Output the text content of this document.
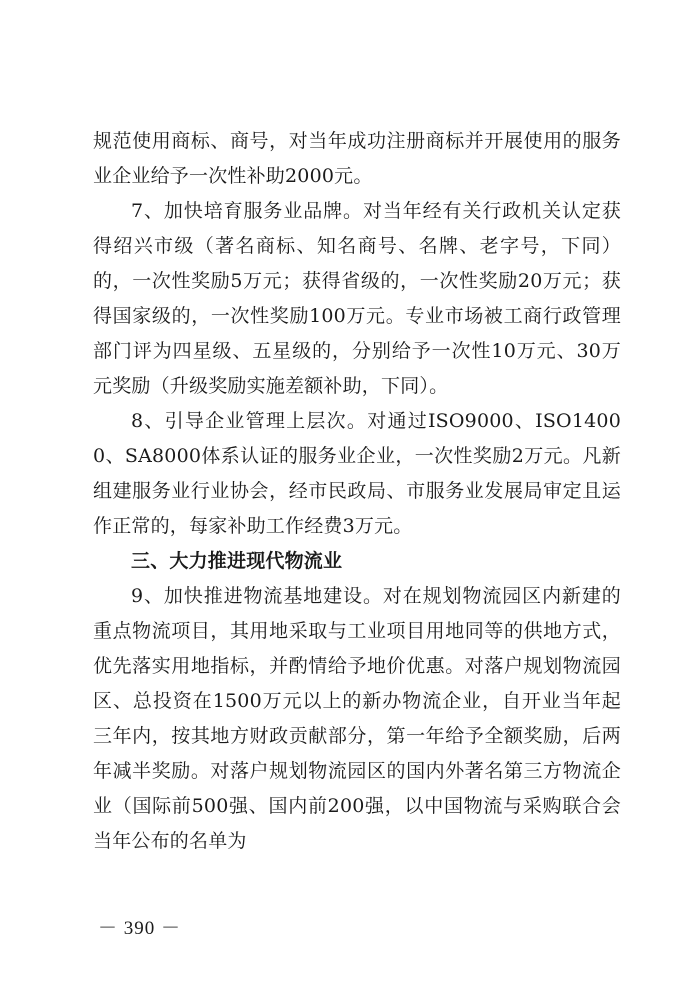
规范使用商标、商号，对当年成功注册商标并开展使用的服务业企业给予一次性补助2000元。

7、加快培育服务业品牌。对当年经有关行政机关认定获得绍兴市级（著名商标、知名商号、名牌、老字号，下同）的，一次性奖励5万元；获得省级的，一次性奖励20万元；获得国家级的，一次性奖励100万元。专业市场被工商行政管理部门评为四星级、五星级的，分别给予一次性10万元、30万元奖励（升级奖励实施差额补助，下同）。

8、引导企业管理上层次。对通过ISO9000、ISO14000、SA8000体系认证的服务业企业，一次性奖励2万元。凡新组建服务业行业协会，经市民政局、市服务业发展局审定且运作正常的，每家补助工作经费3万元。

三、大力推进现代物流业

9、加快推进物流基地建设。对在规划物流园区内新建的重点物流项目，其用地采取与工业项目用地同等的供地方式，优先落实用地指标，并酌情给予地价优惠。对落户规划物流园区、总投资在1500万元以上的新办物流企业，自开业当年起三年内，按其地方财政贡献部分，第一年给予全额奖励，后两年减半奖励。对落户规划物流园区的国内外著名第三方物流企业（国际前500强、国内前200强，以中国物流与采购联合会当年公布的名单为

－ 390 －
